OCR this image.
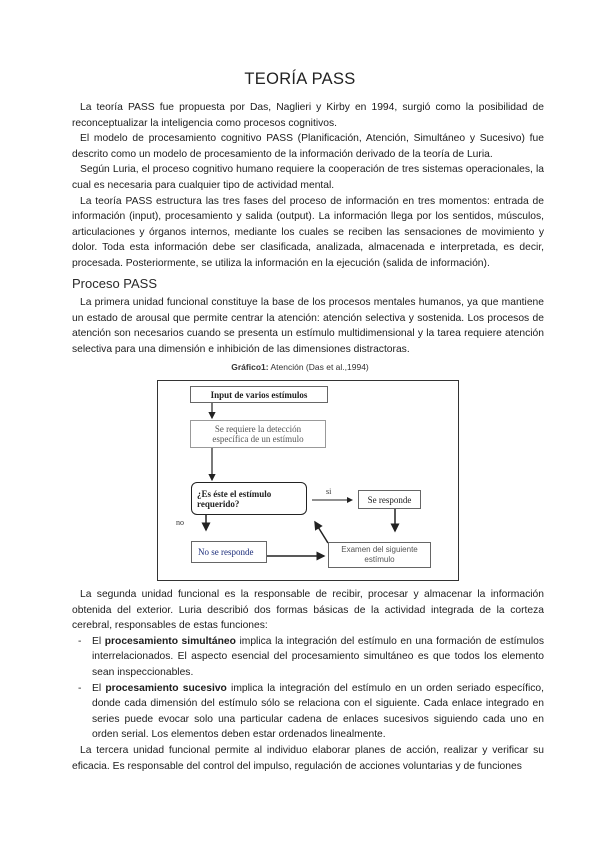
TEORÍA PASS

La teoría PASS fue propuesta por Das, Naglieri y Kirby en 1994, surgió como la posibilidad de reconceptualizar la inteligencia como procesos cognitivos.

El modelo de procesamiento cognitivo PASS (Planificación, Atención, Simultáneo y Sucesivo) fue descrito como un modelo de procesamiento de la información derivado de la teoría de Luria.

Según Luria, el proceso cognitivo humano requiere la cooperación de tres sistemas operacionales, la cual es necesaria para cualquier tipo de actividad mental.

La teoría PASS estructura las tres fases del proceso de información en tres momentos: entrada de información (input), procesamiento y salida (output). La información llega por los sentidos, músculos, articulaciones y órganos internos, mediante los cuales se reciben las sensaciones de movimiento y dolor. Toda esta información debe ser clasificada, analizada, almacenada e interpretada, es decir, procesada. Posteriormente, se utiliza la información en la ejecución (salida de información).

Proceso PASS

La primera unidad funcional constituye la base de los procesos mentales humanos, ya que mantiene un estado de arousal que permite centrar la atención: atención selectiva y sostenida. Los procesos de atención son necesarios cuando se presenta un estímulo multidimensional y la tarea requiere atención selectiva para una dimensión e inhibición de las dimensiones distractoras.

Gráfico1: Atención (Das et al.,1994)
Input de varios estímulos
Se requiere la detección específica de un estímulo
¿Es éste el estímulo requerido?
si
Se responde
no
No se responde	Examen del siguiente estímulo

La segunda unidad funcional es la responsable de recibir, procesar y almacenar la información obtenida del exterior. Luria describió dos formas básicas de la actividad integrada de la corteza cerebral, responsables de estas funciones:

- El procesamiento simultáneo implica la integración del estímulo en una formación de estímulos interrelacionados. El aspecto esencial del procesamiento simultáneo es que todos los elemento sean inspeccionables.
- El procesamiento sucesivo implica la integración del estímulo en un orden seriado específico, donde cada dimensión del estímulo sólo se relaciona con el siguiente. Cada enlace integrado en series puede evocar solo una particular cadena de enlaces sucesivos siguiendo cada uno en orden serial. Los elementos deben estar ordenados linealmente.

La tercera unidad funcional permite al individuo elaborar planes de acción, realizar y verificar su eficacia. Es responsable del control del impulso, regulación de acciones voluntarias y de funciones
